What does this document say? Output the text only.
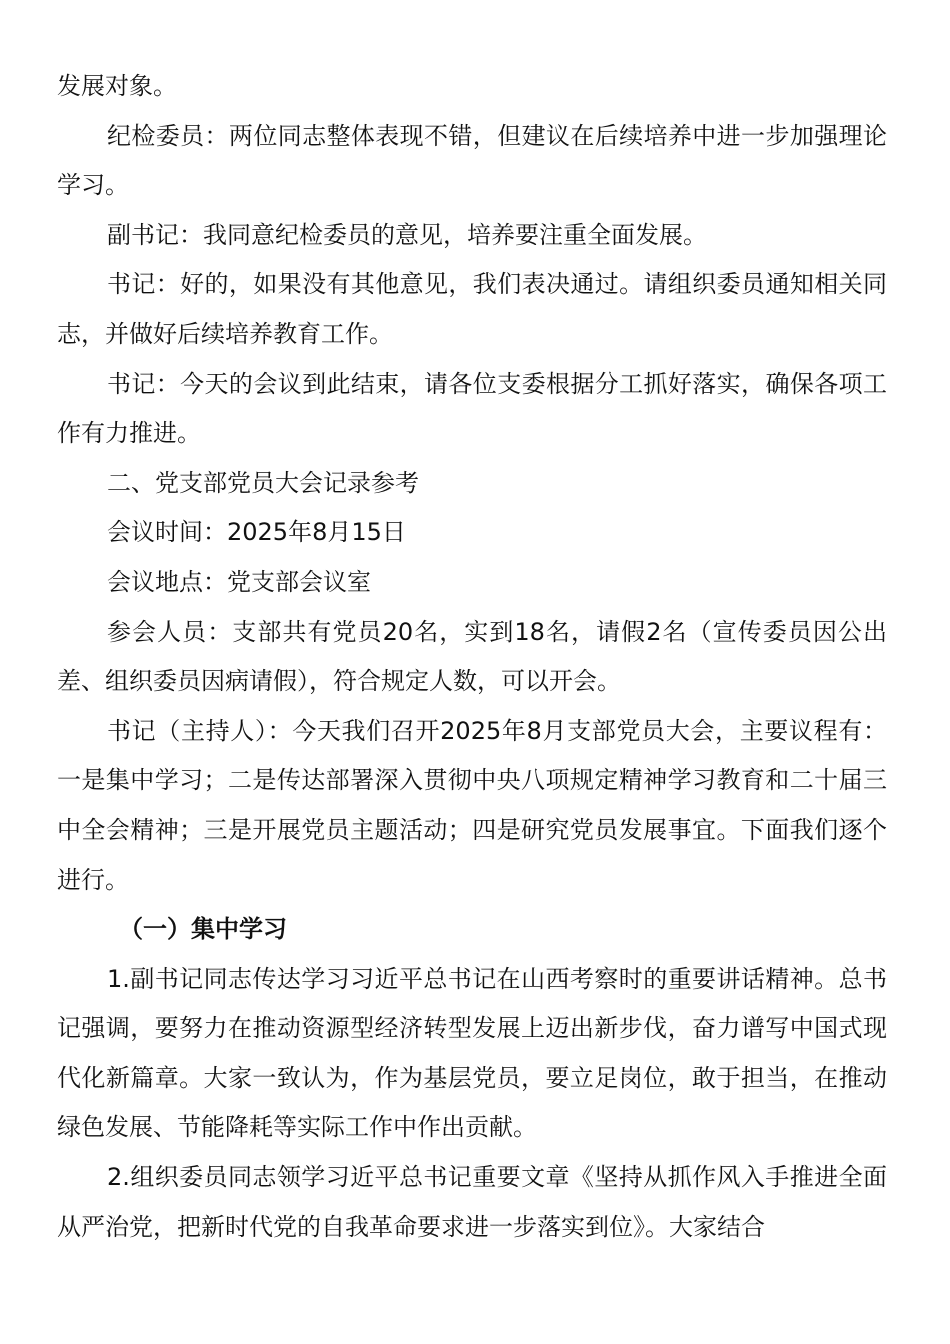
发展对象。

纪检委员：两位同志整体表现不错，但建议在后续培养中进一步加强理论学习。

副书记：我同意纪检委员的意见，培养要注重全面发展。

书记：好的，如果没有其他意见，我们表决通过。请组织委员通知相关同志，并做好后续培养教育工作。

书记：今天的会议到此结束，请各位支委根据分工抓好落实，确保各项工作有力推进。

二、党支部党员大会记录参考

会议时间：2025年8月15日

会议地点：党支部会议室

参会人员：支部共有党员20名，实到18名，请假2名（宣传委员因公出差、组织委员因病请假），符合规定人数，可以开会。

书记（主持人）：今天我们召开2025年8月支部党员大会，主要议程有：一是集中学习；二是传达部署深入贯彻中央八项规定精神学习教育和二十届三中全会精神；三是开展党员主题活动；四是研究党员发展事宜。下面我们逐个进行。

（一）集中学习

1.副书记同志传达学习习近平总书记在山西考察时的重要讲话精神。总书记强调，要努力在推动资源型经济转型发展上迈出新步伐，奋力谱写中国式现代化新篇章。大家一致认为，作为基层党员，要立足岗位，敢于担当，在推动绿色发展、节能降耗等实际工作中作出贡献。

2.组织委员同志领学习近平总书记重要文章《坚持从抓作风入手推进全面从严治党，把新时代党的自我革命要求进一步落实到位》。大家结合
